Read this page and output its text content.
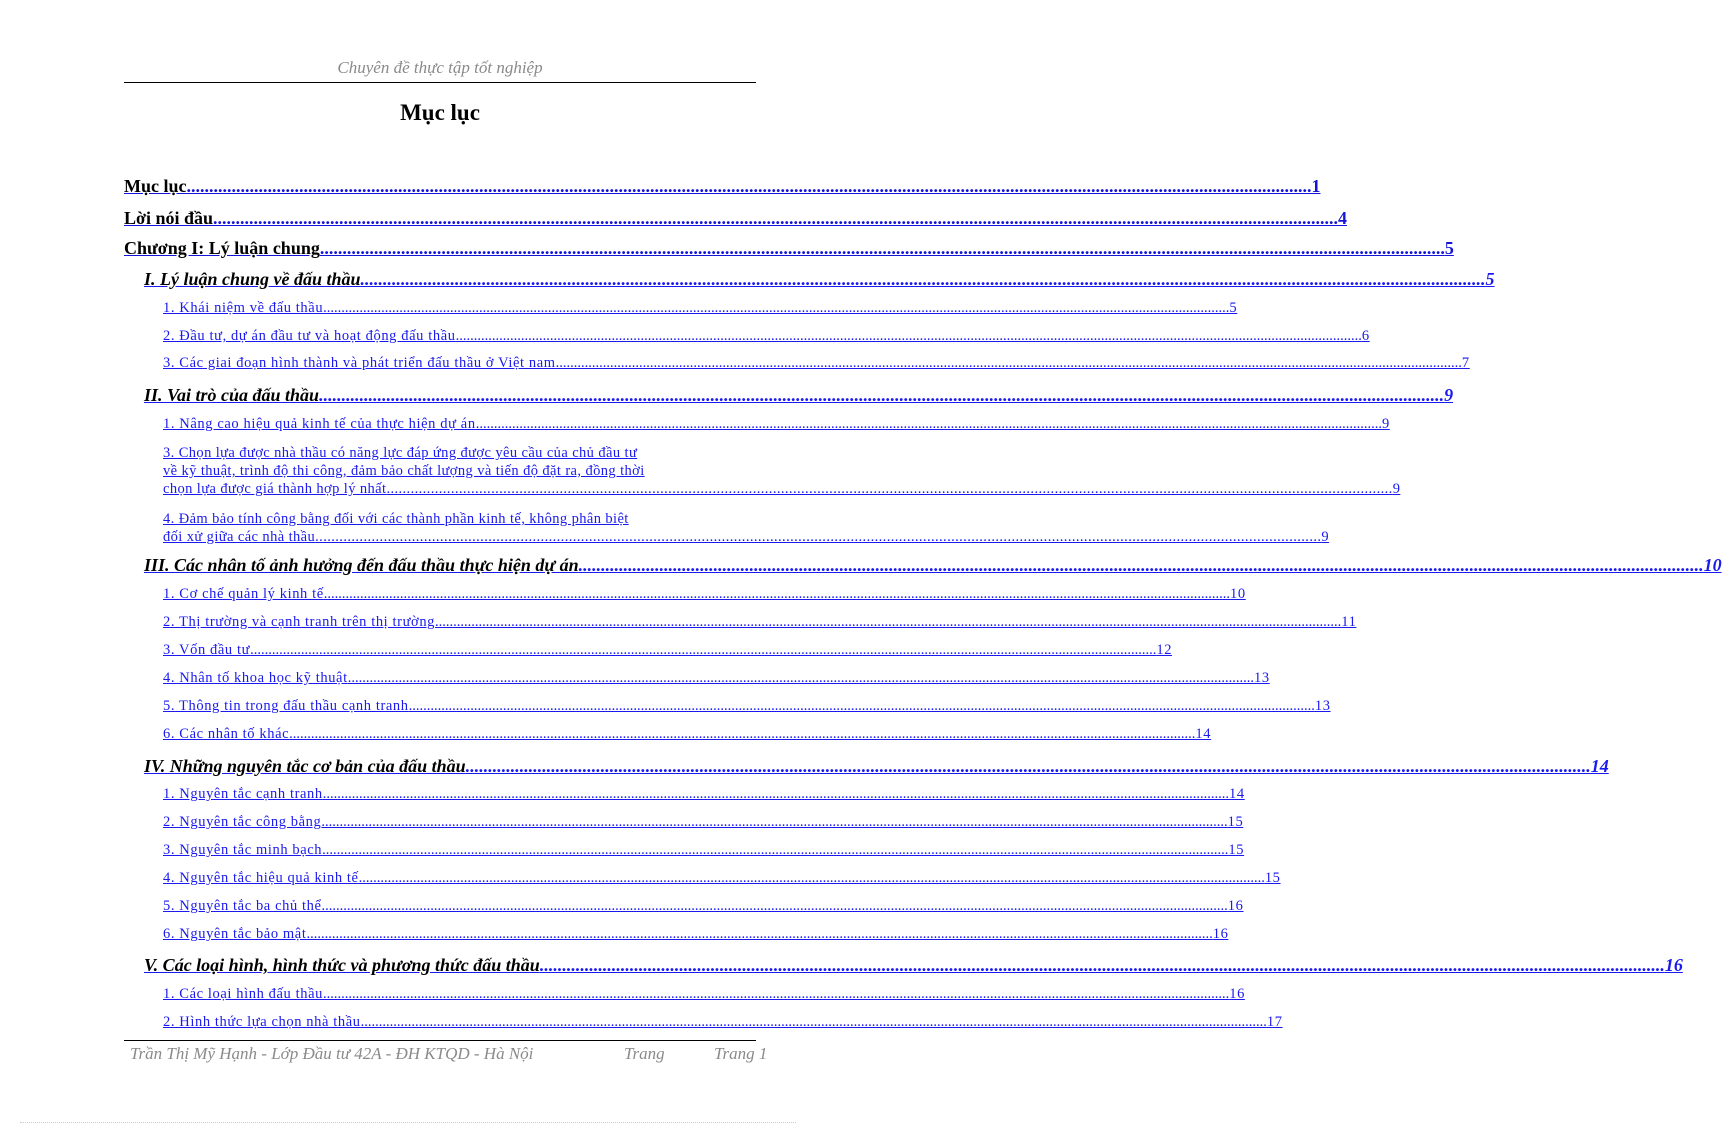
Chuyên đề thực tập tốt nghiệp
Mục lục
Mục lục .......................................................................................................................................................................................................................................................... 1
Lời nói đầu .......................................................................................................................................................................................................................................................... 4
Chương I: Lý luận chung .......................................................................................................................................................................................................................................................... 5
I. Lý luận chung về đấu thầu .......................................................................................................................................................................................................................................................... 5
1. Khái niệm về đấu thầu .......................................................................................................................................................................................................................................................... 5
2. Đầu tư, dự án đầu tư và hoạt động đấu thầu .......................................................................................................................................................................................................................................................... 6
3. Các giai đoạn hình thành và phát triển đấu thầu ở Việt nam .......................................................................................................................................................................................................................................................... 7
II. Vai trò của đấu thầu .......................................................................................................................................................................................................................................................... 9
1. Nâng cao hiệu quả kinh tế của thực hiện dự án .......................................................................................................................................................................................................................................................... 9
3. Chọn lựa được nhà thầu có năng lực đáp ứng được yêu cầu của chủ đầu tư
về kỹ thuật, trình độ thi công, đảm bảo chất lượng và tiến độ đặt ra, đồng thời
chọn lựa được giá thành hợp lý nhất .......................................................................................................................................................................................................................................................... 9
4. Đảm bảo tính công bằng đối với các thành phần kinh tế, không phân biệt
đối xử giữa các nhà thầu .......................................................................................................................................................................................................................................................... 9
III. Các nhân tố ảnh hưởng đến đấu thầu thực hiện dự án .......................................................................................................................................................................................................................................................... 10
1. Cơ chế quản lý kinh tế .......................................................................................................................................................................................................................................................... 10
2. Thị trường và cạnh tranh trên thị trường .......................................................................................................................................................................................................................................................... 11
3. Vốn đầu tư .......................................................................................................................................................................................................................................................... 12
4. Nhân tố khoa học kỹ thuật .......................................................................................................................................................................................................................................................... 13
5. Thông tin trong đấu thầu cạnh tranh .......................................................................................................................................................................................................................................................... 13
6. Các nhân tố khác .......................................................................................................................................................................................................................................................... 14
IV. Những nguyên tắc cơ bản của đấu thầu .......................................................................................................................................................................................................................................................... 14
1. Nguyên tắc cạnh tranh .......................................................................................................................................................................................................................................................... 14
2. Nguyên tắc công bằng .......................................................................................................................................................................................................................................................... 15
3. Nguyên tắc minh bạch .......................................................................................................................................................................................................................................................... 15
4. Nguyên tắc hiệu quả kinh tế .......................................................................................................................................................................................................................................................... 15
5. Nguyên tắc ba chủ thể .......................................................................................................................................................................................................................................................... 16
6. Nguyên tắc bảo mật .......................................................................................................................................................................................................................................................... 16
V. Các loại hình, hình thức và phương thức đấu thầu .......................................................................................................................................................................................................................................................... 16
1. Các loại hình đấu thầu .......................................................................................................................................................................................................................................................... 16
2. Hình thức lựa chọn nhà thầu .......................................................................................................................................................................................................................................................... 17
Trần Thị Mỹ Hạnh - Lớp Đầu tư 42A - ĐH KTQD - Hà Nội	Trang	Trang 1
